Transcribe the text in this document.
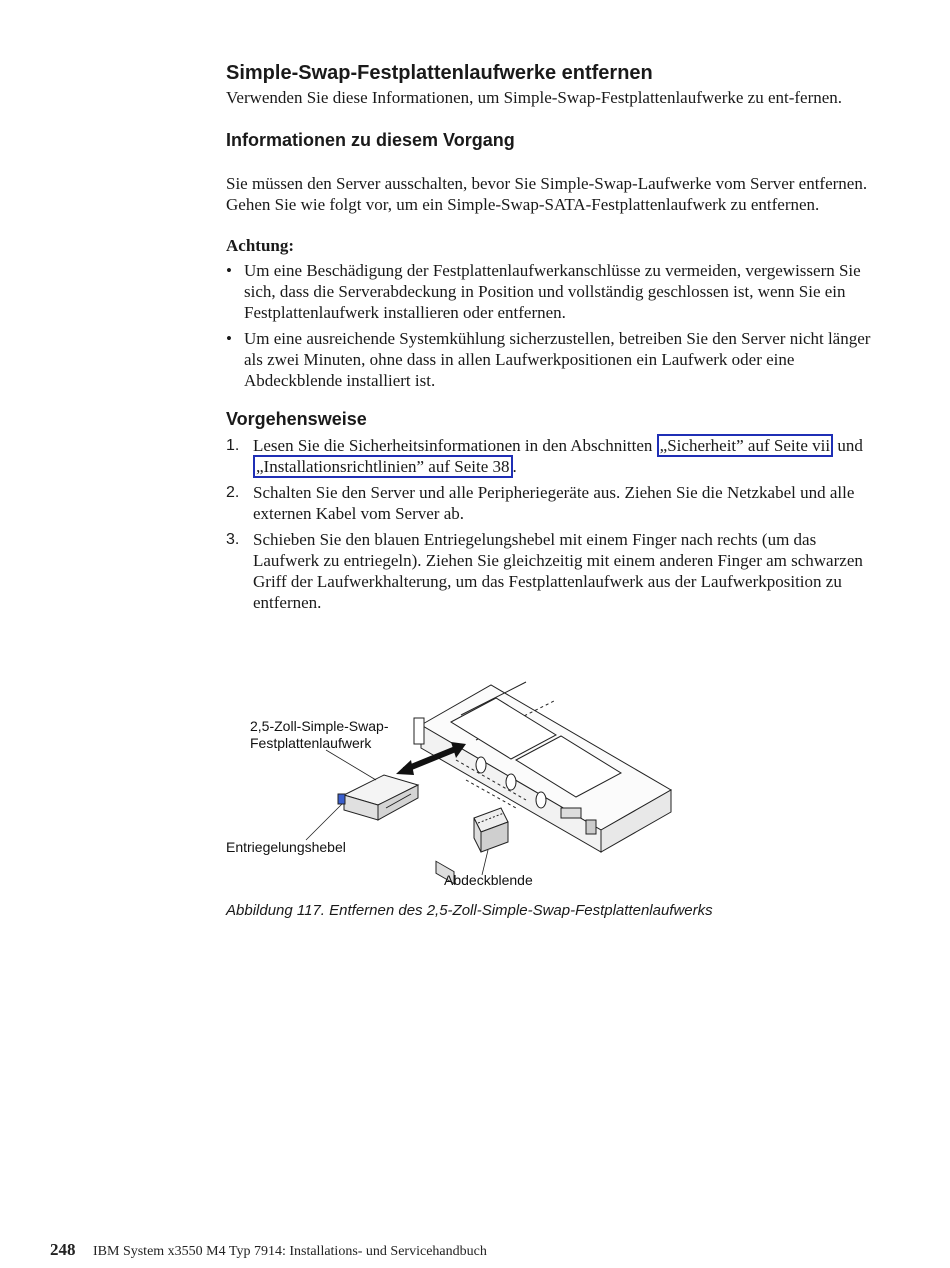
Simple-Swap-Festplattenlaufwerke entfernen

Verwenden Sie diese Informationen, um Simple-Swap-Festplattenlaufwerke zu ent-fernen.

Informationen zu diesem Vorgang

Sie müssen den Server ausschalten, bevor Sie Simple-Swap-Laufwerke vom Server entfernen. Gehen Sie wie folgt vor, um ein Simple-Swap-SATA-Festplattenlaufwerk zu entfernen.

Achtung:
• Um eine Beschädigung der Festplattenlaufwerkanschlüsse zu vermeiden, vergewissern Sie sich, dass die Serverabdeckung in Position und vollständig geschlossen ist, wenn Sie ein Festplattenlaufwerk installieren oder entfernen.
• Um eine ausreichende Systemkühlung sicherzustellen, betreiben Sie den Server nicht länger als zwei Minuten, ohne dass in allen Laufwerkpositionen ein Laufwerk oder eine Abdeckblende installiert ist.
Vorgehensweise
1. Lesen Sie die Sicherheitsinformationen in den Abschnitten „Sicherheit” auf Seite vii und „Installationsrichtlinien” auf Seite 38 .
2. Schalten Sie den Server und alle Peripheriegeräte aus. Ziehen Sie die Netzkabel und alle externen Kabel vom Server ab.
3. Schieben Sie den blauen Entriegelungshebel mit einem Finger nach rechts (um das Laufwerk zu entriegeln). Ziehen Sie gleichzeitig mit einem anderen Finger am schwarzen Griff der Laufwerkhalterung, um das Festplattenlaufwerk aus der Laufwerkposition zu entfernen.
2,5-Zoll-Simple-Swap-
Festplattenlaufwerk
Entriegelungshebel
Abdeckblende
Abbildung 117. Entfernen des 2,5-Zoll-Simple-Swap-Festplattenlaufwerks
248 IBM System x3550 M4 Typ 7914: Installations- und Servicehandbuch
